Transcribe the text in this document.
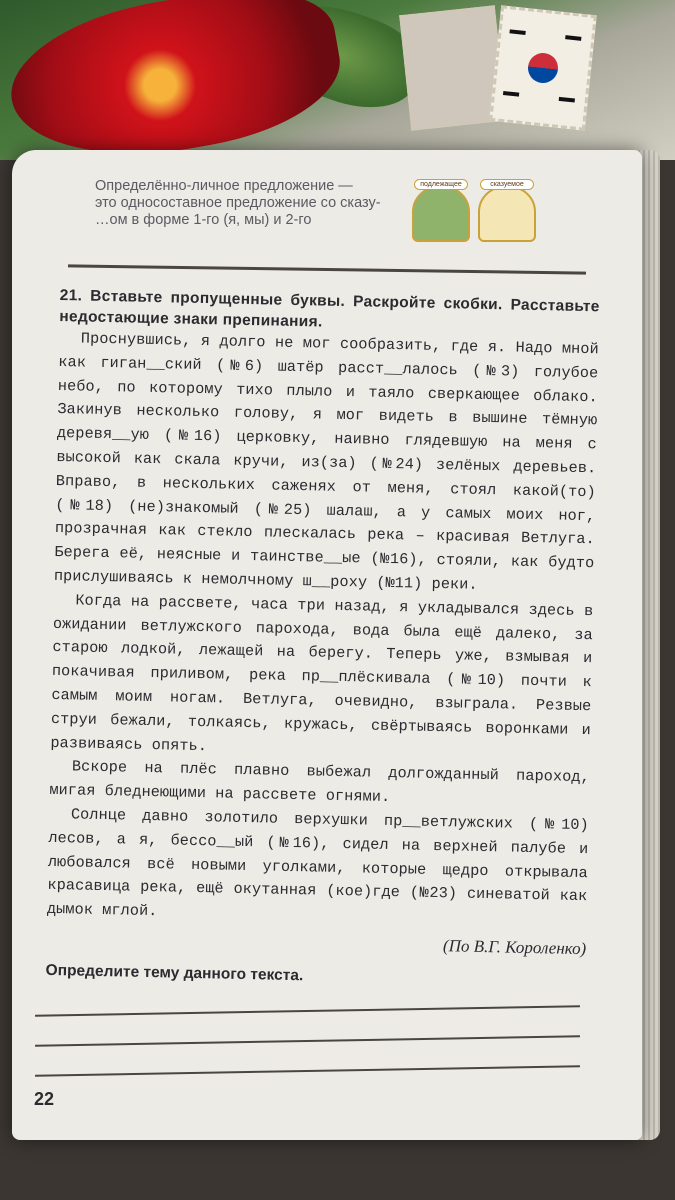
Определённо-личное предложение —
это односоставное предложение со сказу-
…ом в форме 1-го (я, мы) и 2-го
подлежащее	сказуемое

21. Вставьте пропущенные буквы. Раскройте скобки. Расставьте недостающие знаки препинания.

Проснувшись, я долго не мог сообразить, где я. Надо мной как гиган__ский (№6) шатёр расст__лалось (№3) голубое небо, по которому тихо плыло и таяло сверкающее облако. Закинув несколько голову, я мог видеть в вышине тёмную деревя__ую (№16) церковку, наивно глядевшую на меня с высокой как скала кручи, из(за) (№24) зелёных деревьев. Вправо, в нескольких саженях от меня, стоял какой(то) (№18) (не)знакомый (№25) шалаш, а у самых моих ног, прозрачная как стекло плескалась река – красивая Ветлуга. Берега её, неясные и таинстве__ые (№16), стояли, как будто прислушиваясь к немолчному ш__роху (№11) реки.

Когда на рассвете, часа три назад, я укладывался здесь в ожидании ветлужского парохода, вода была ещё далеко, за старою лодкой, лежащей на берегу. Теперь уже, взмывая и покачивая приливом, река пр__плёскивала (№10) почти к самым моим ногам. Ветлуга, очевидно, взыграла. Резвые струи бежали, толкаясь, кружась, свёртываясь воронками и развиваясь опять.

Вскоре на плёс плавно выбежал долгожданный пароход, мигая бледнеющими на рассвете огнями.

Солнце давно золотило верхушки пр__ветлужских (№10) лесов, а я, бессо__ый (№16), сидел на верхней палубе и любовался всё новыми уголками, которые щедро открывала красавица река, ещё окутанная (кое)где (№23) синеватой как дымок мглой.

(По В.Г. Короленко)

Определите тему данного текста.

22
